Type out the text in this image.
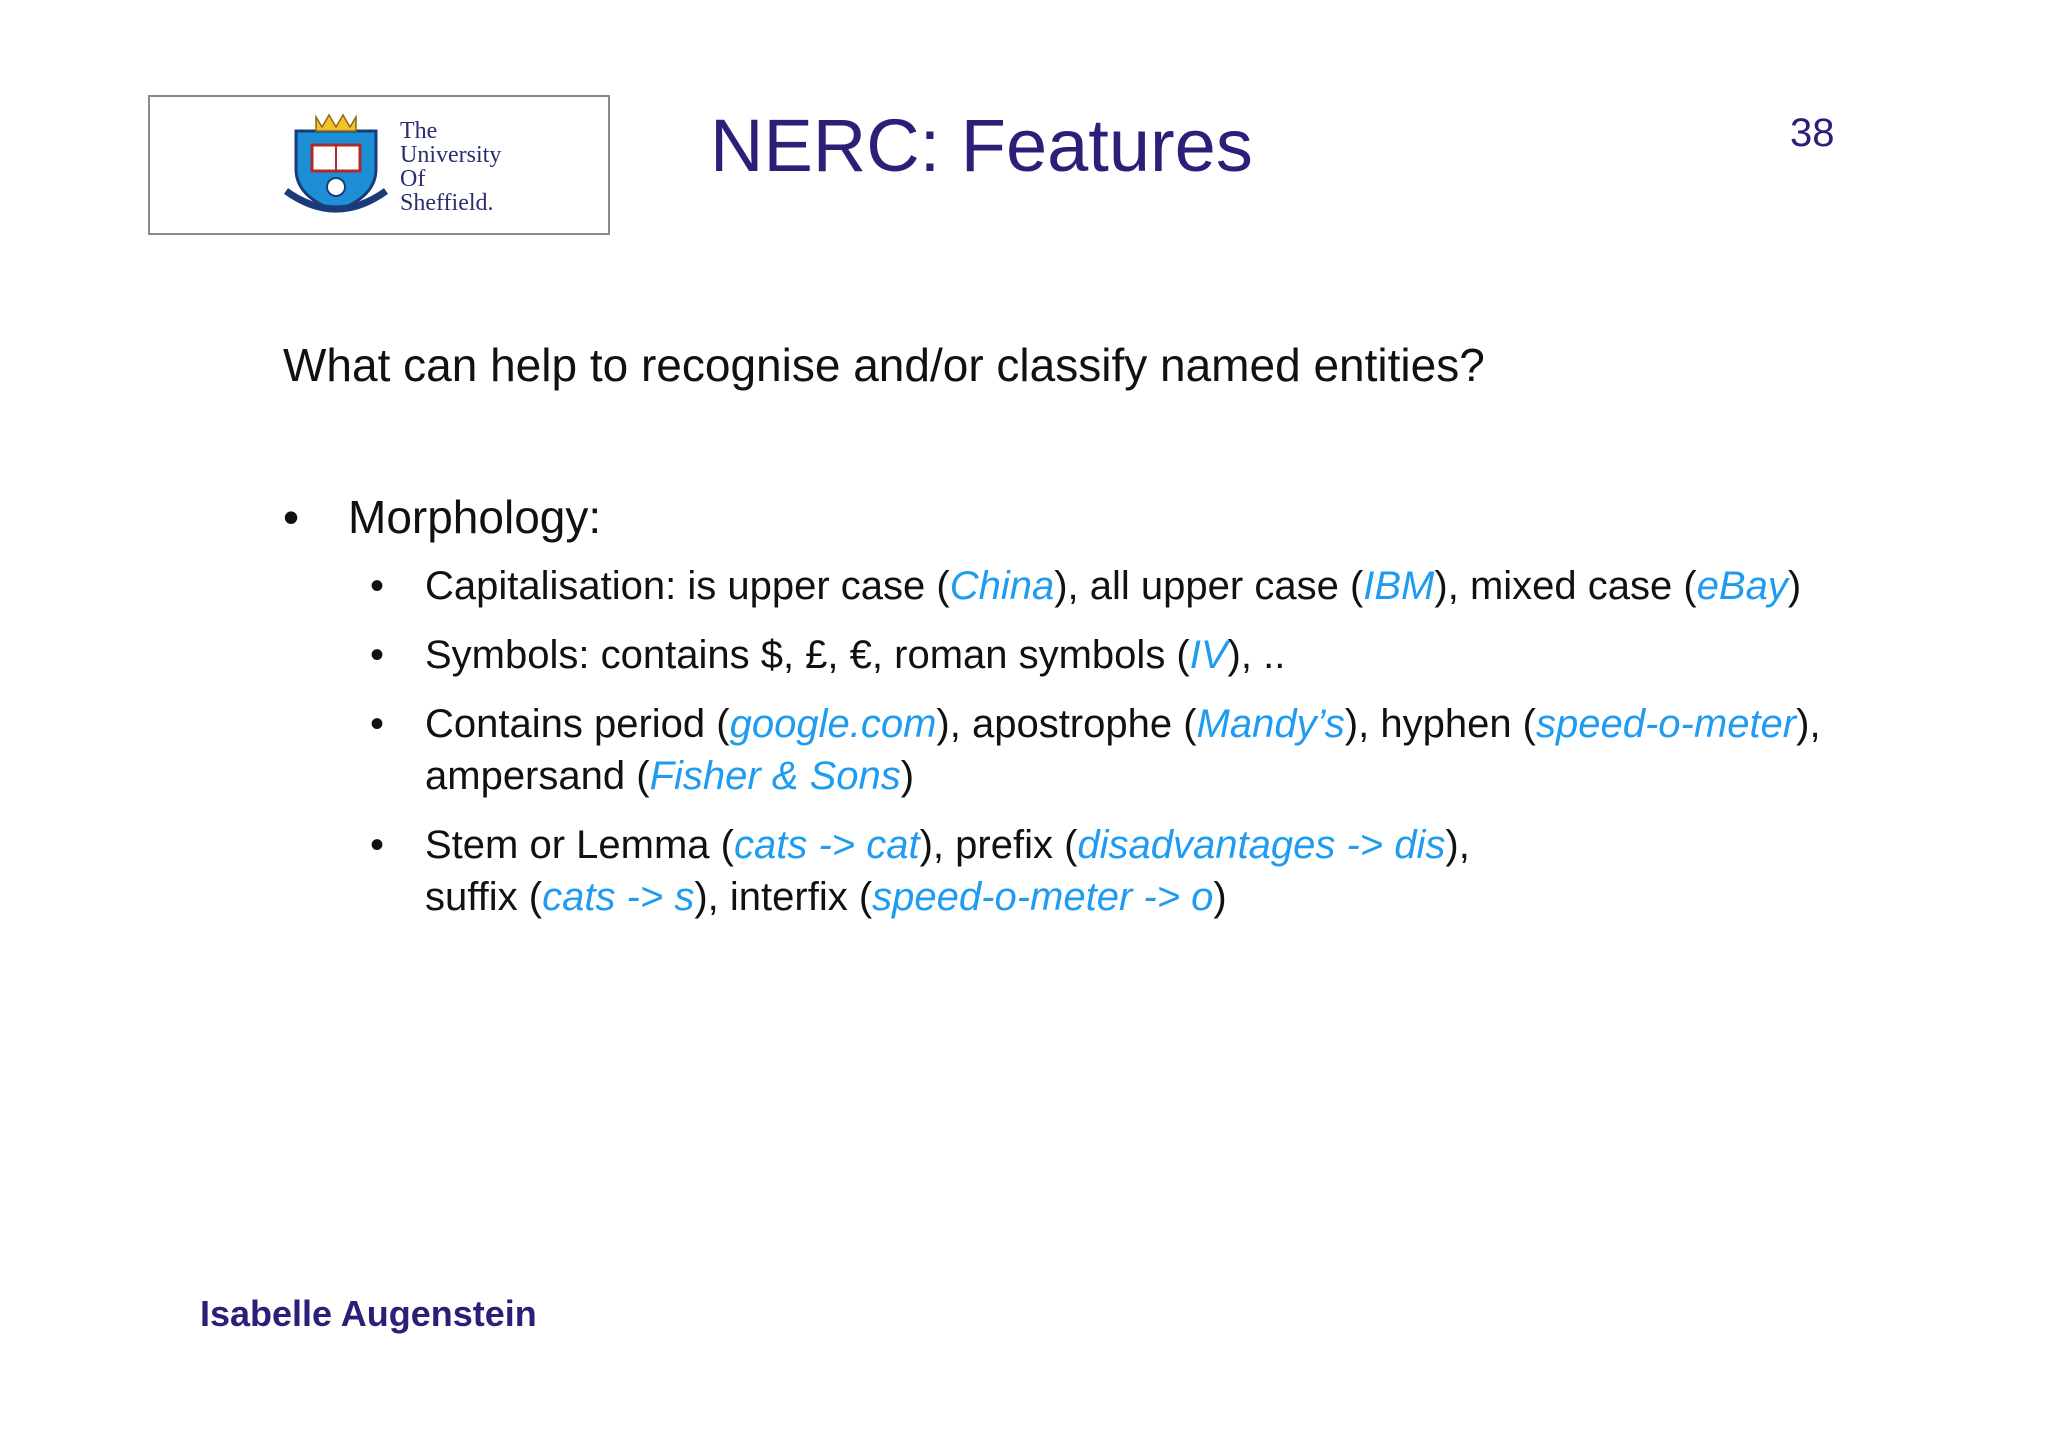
The
University
Of
Sheffield.
NERC: Features	38
What can help to recognise and/or classify named entities?
• Morphology:
• Capitalisation: is upper case (China), all upper case (IBM), mixed case (eBay)
• Symbols: contains $, £, €, roman symbols (IV), ..
• Contains period (google.com), apostrophe (Mandy’s), hyphen (speed-o-meter), ampersand (Fisher & Sons)
• Stem or Lemma (cats -> cat), prefix (disadvantages -> dis),
suffix (cats -> s), interfix (speed-o-meter -> o)
Isabelle Augenstein
